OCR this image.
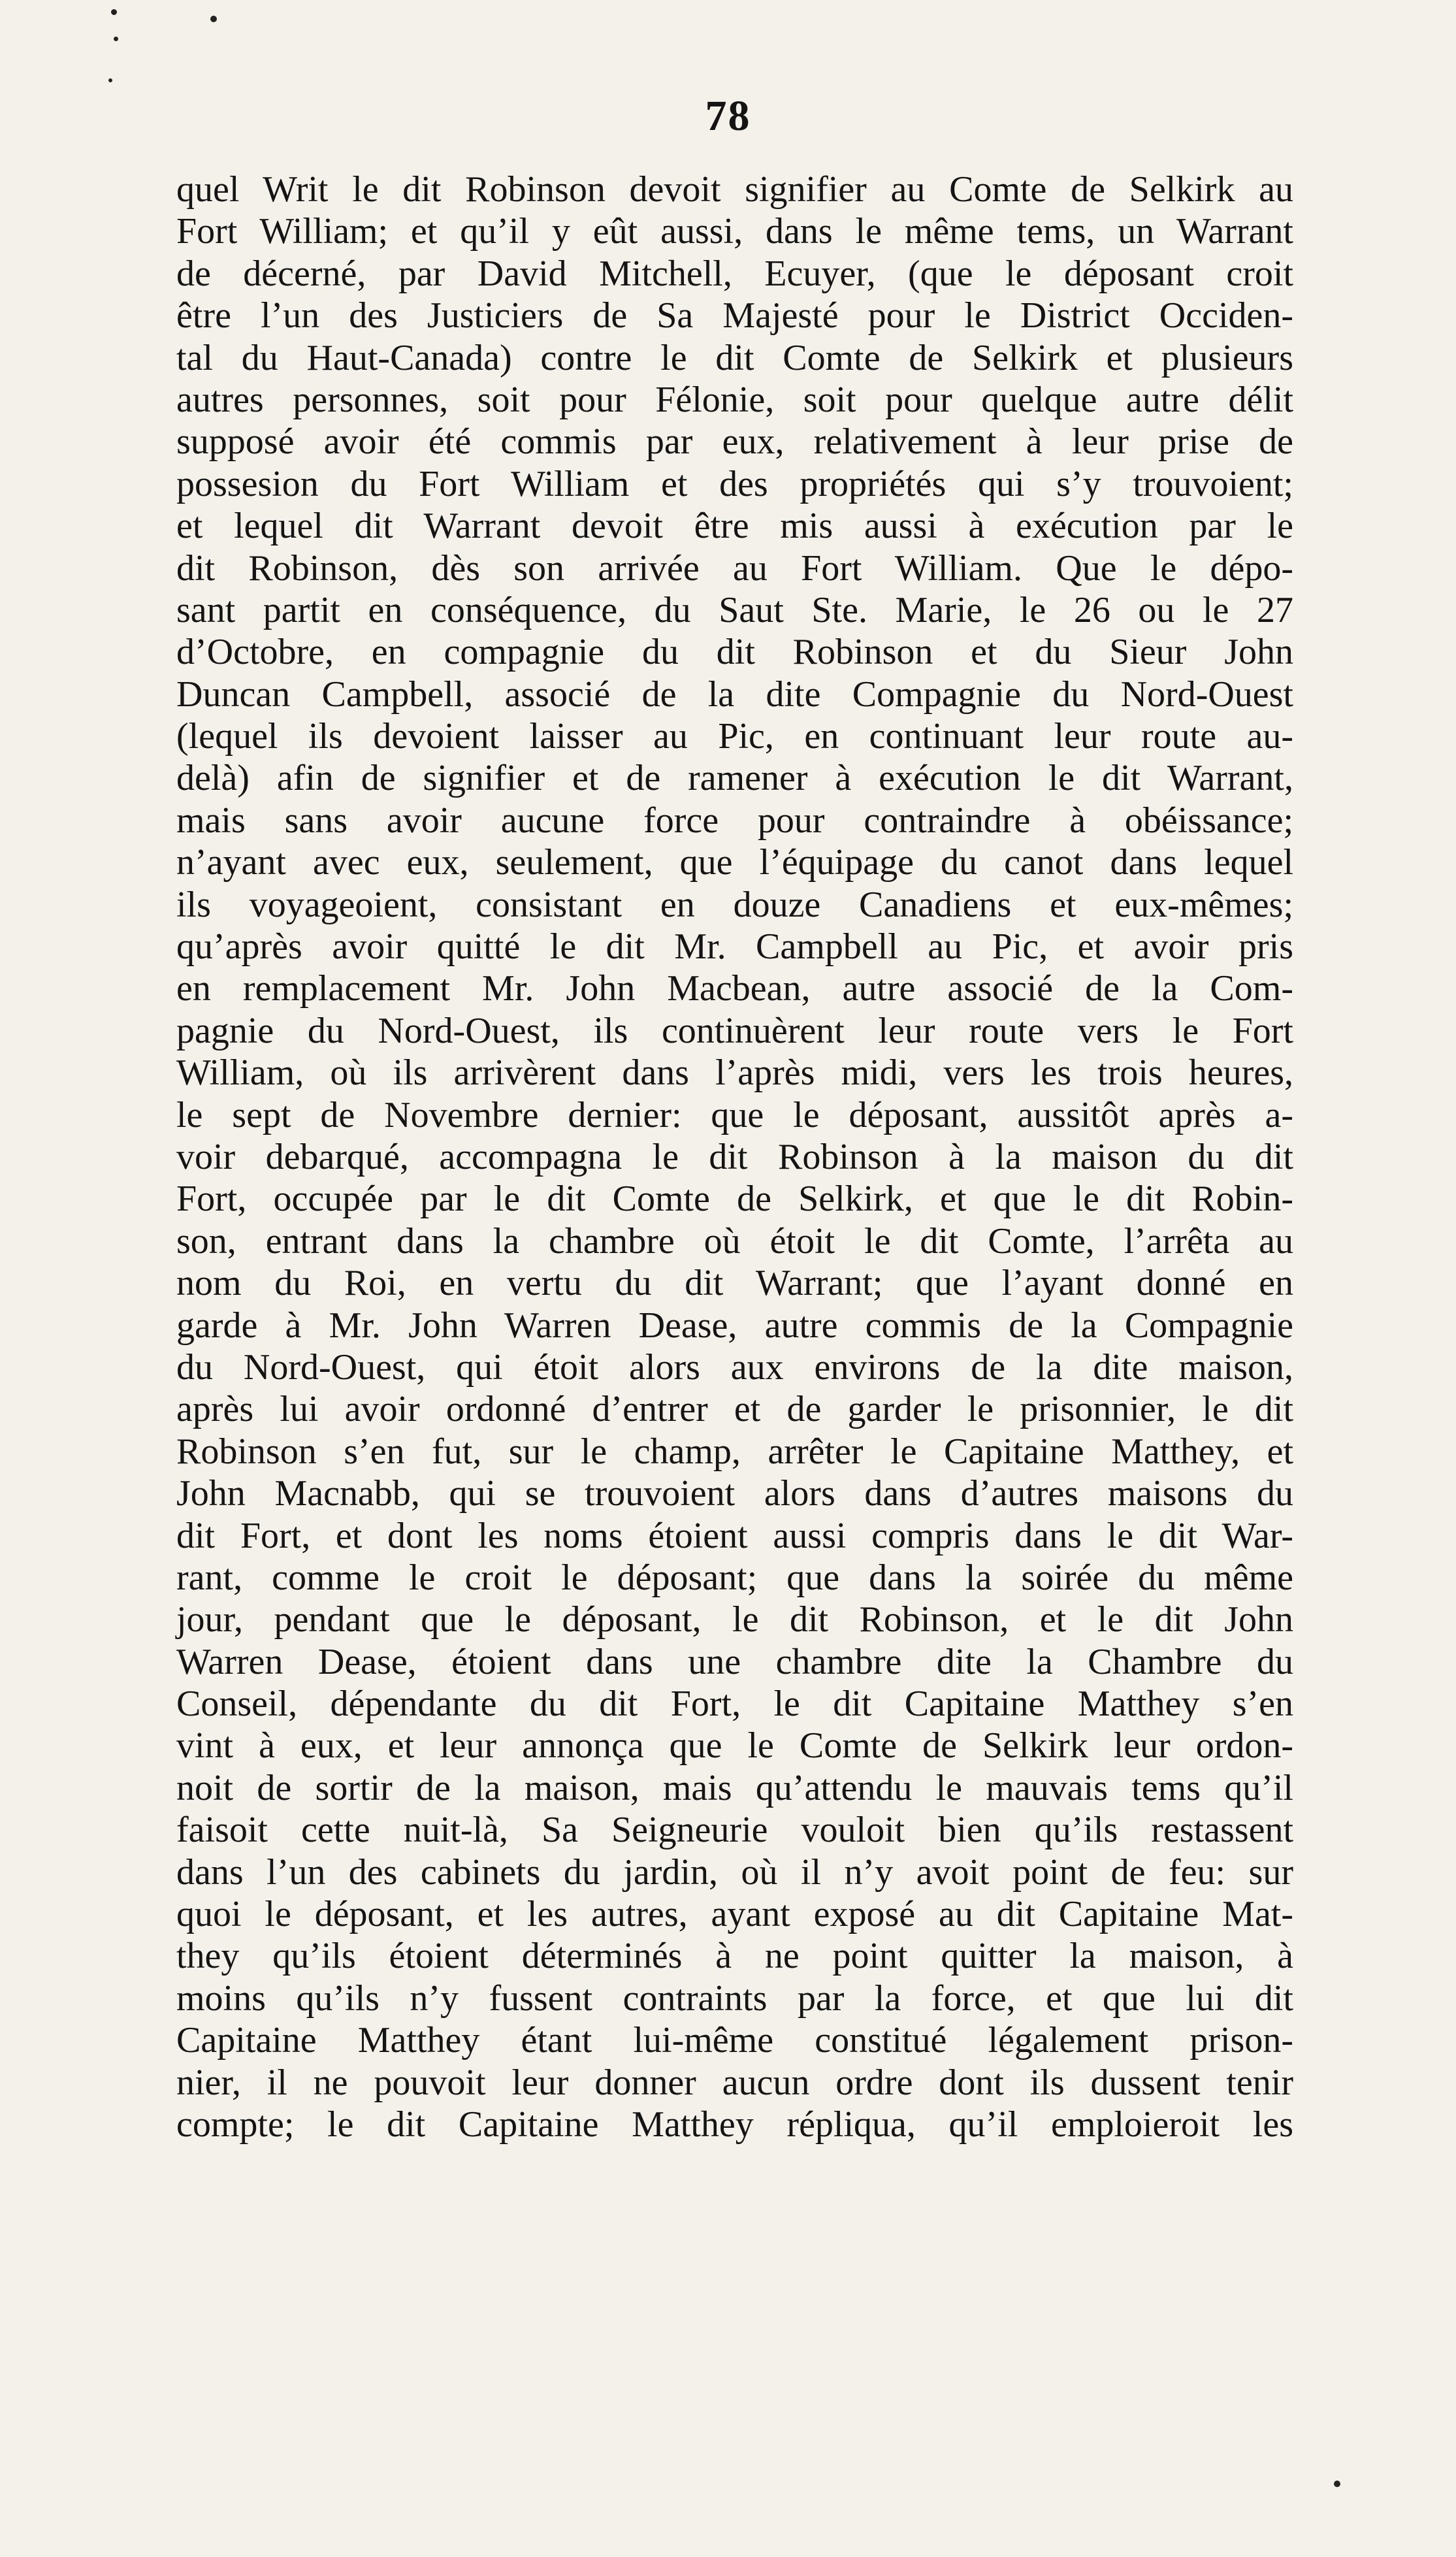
78
quel Writ le dit Robinson devoit signifier au Comte de Selkirk au
Fort William; et qu’il y eût aussi, dans le même tems, un Warrant
de décerné, par David Mitchell, Ecuyer, (que le déposant croit
être l’un des Justiciers de Sa Majesté pour le District Occiden-
tal du Haut-Canada) contre le dit Comte de Selkirk et plusieurs
autres personnes, soit pour Félonie, soit pour quelque autre délit
supposé avoir été commis par eux, relativement à leur prise de
possesion du Fort William et des propriétés qui s’y trouvoient;
et lequel dit Warrant devoit être mis aussi à exécution par le
dit Robinson, dès son arrivée au Fort William. Que le dépo-
sant partit en conséquence, du Saut Ste. Marie, le 26 ou le 27
d’Octobre, en compagnie du dit Robinson et du Sieur John
Duncan Campbell, associé de la dite Compagnie du Nord-Ouest
(lequel ils devoient laisser au Pic, en continuant leur route au-
delà) afin de signifier et de ramener à exécution le dit Warrant,
mais sans avoir aucune force pour contraindre à obéissance;
n’ayant avec eux, seulement, que l’équipage du canot dans lequel
ils voyageoient, consistant en douze Canadiens et eux-mêmes;
qu’après avoir quitté le dit Mr. Campbell au Pic, et avoir pris
en remplacement Mr. John Macbean, autre associé de la Com-
pagnie du Nord-Ouest, ils continuèrent leur route vers le Fort
William, où ils arrivèrent dans l’après midi, vers les trois heures,
le sept de Novembre dernier: que le déposant, aussitôt après a-
voir debarqué, accompagna le dit Robinson à la maison du dit
Fort, occupée par le dit Comte de Selkirk, et que le dit Robin-
son, entrant dans la chambre où étoit le dit Comte, l’arrêta au
nom du Roi, en vertu du dit Warrant; que l’ayant donné en
garde à Mr. John Warren Dease, autre commis de la Compagnie
du Nord-Ouest, qui étoit alors aux environs de la dite maison,
après lui avoir ordonné d’entrer et de garder le prisonnier, le dit
Robinson s’en fut, sur le champ, arrêter le Capitaine Matthey, et
John Macnabb, qui se trouvoient alors dans d’autres maisons du
dit Fort, et dont les noms étoient aussi compris dans le dit War-
rant, comme le croit le déposant; que dans la soirée du même
jour, pendant que le déposant, le dit Robinson, et le dit John
Warren Dease, étoient dans une chambre dite la Chambre du
Conseil, dépendante du dit Fort, le dit Capitaine Matthey s’en
vint à eux, et leur annonça que le Comte de Selkirk leur ordon-
noit de sortir de la maison, mais qu’attendu le mauvais tems qu’il
faisoit cette nuit-là, Sa Seigneurie vouloit bien qu’ils restassent
dans l’un des cabinets du jardin, où il n’y avoit point de feu: sur
quoi le déposant, et les autres, ayant exposé au dit Capitaine Mat-
they qu’ils étoient déterminés à ne point quitter la maison, à
moins qu’ils n’y fussent contraints par la force, et que lui dit
Capitaine Matthey étant lui-même constitué légalement prison-
nier, il ne pouvoit leur donner aucun ordre dont ils dussent tenir
compte; le dit Capitaine Matthey répliqua, qu’il emploieroit les
